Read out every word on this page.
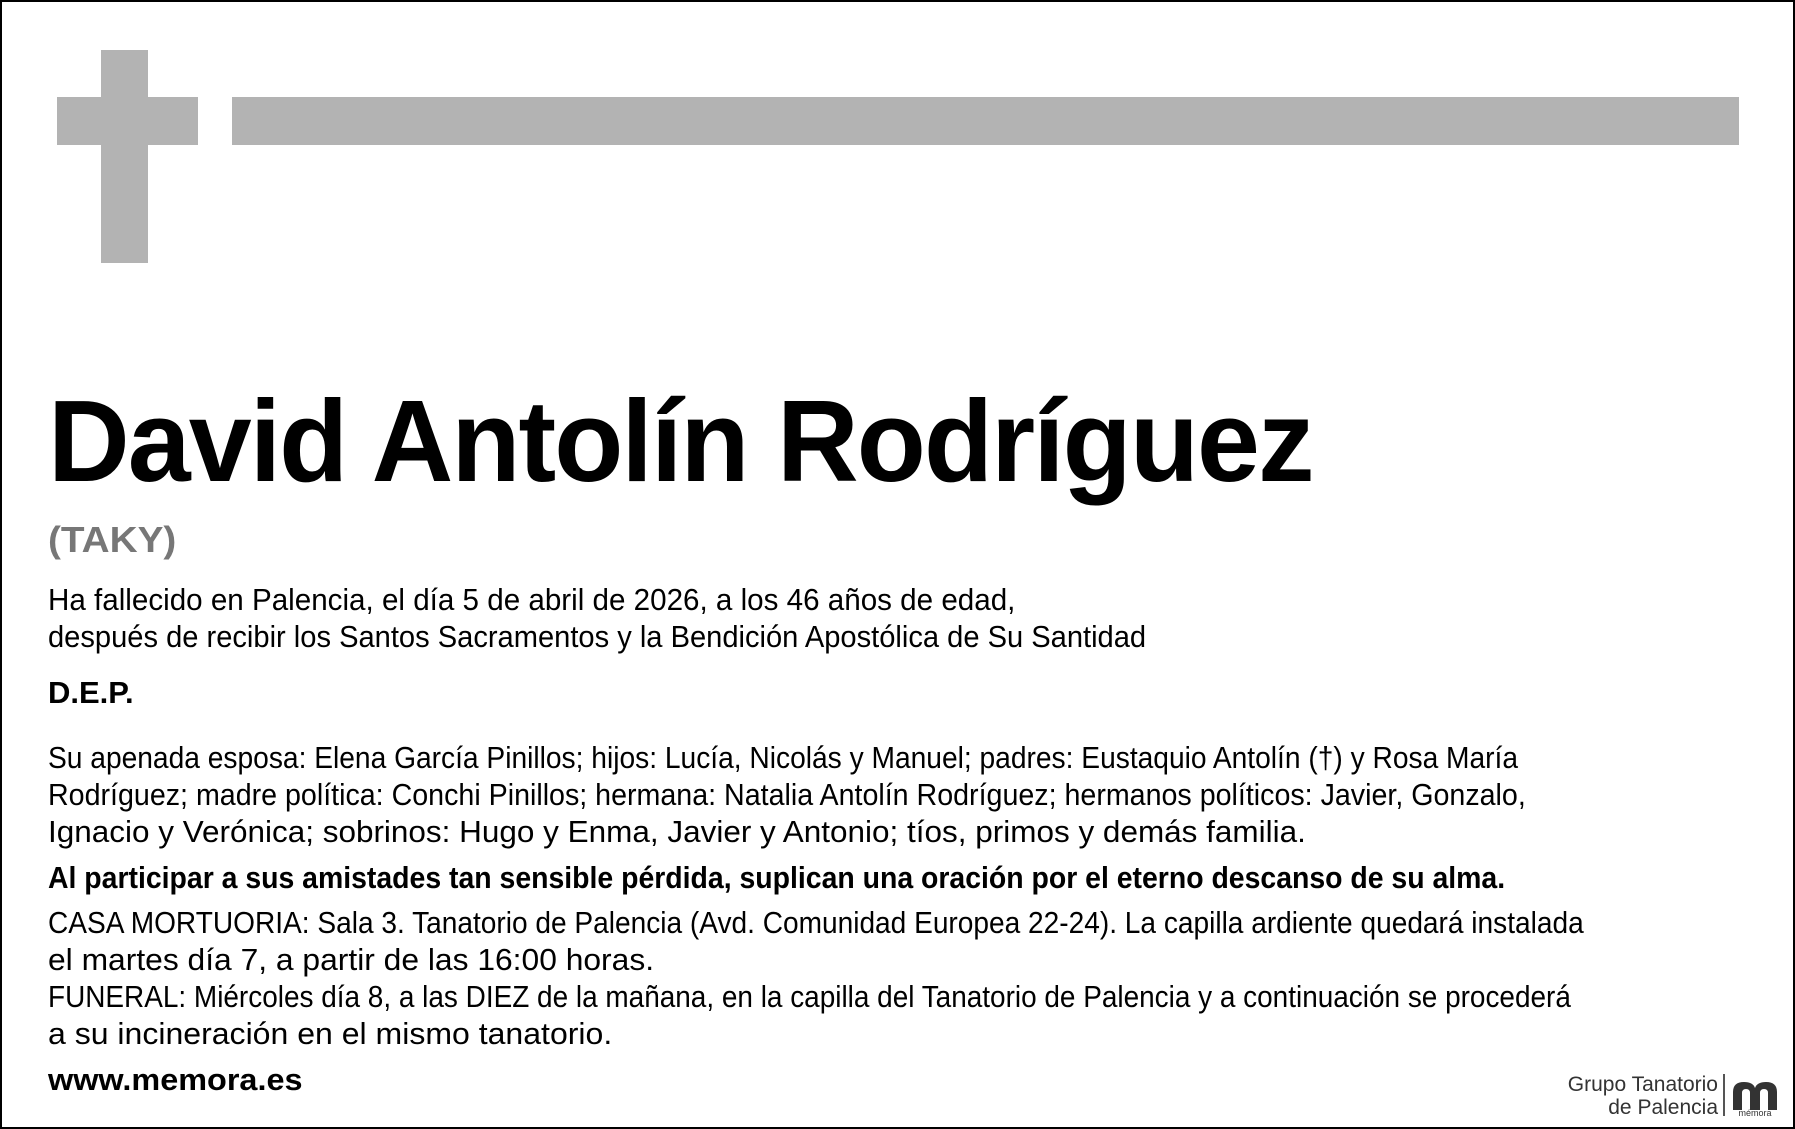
David Antolín Rodríguez
(TAKY)
Ha fallecido en Palencia, el día 5 de abril de 2026, a los 46 años de edad,
después de recibir los Santos Sacramentos y la Bendición Apostólica de Su Santidad
D.E.P.
Su apenada esposa: Elena García Pinillos; hijos: Lucía, Nicolás y Manuel; padres: Eustaquio Antolín (†) y Rosa María
Rodríguez; madre política: Conchi Pinillos; hermana: Natalia Antolín Rodríguez; hermanos políticos: Javier, Gonzalo,
Ignacio y Verónica; sobrinos: Hugo y Enma, Javier y Antonio; tíos, primos y demás familia.
Al participar a sus amistades tan sensible pérdida, suplican una oración por el eterno descanso de su alma.
CASA MORTUORIA: Sala 3. Tanatorio de Palencia (Avd. Comunidad Europea 22-24). La capilla ardiente quedará instalada
el martes día 7, a partir de las 16:00 horas.
FUNERAL: Miércoles día 8, a las DIEZ de la mañana, en la capilla del Tanatorio de Palencia y a continuación se procederá
a su incineración en el mismo tanatorio.
www.memora.es	Grupo Tanatorio
de Palencia	mémora
